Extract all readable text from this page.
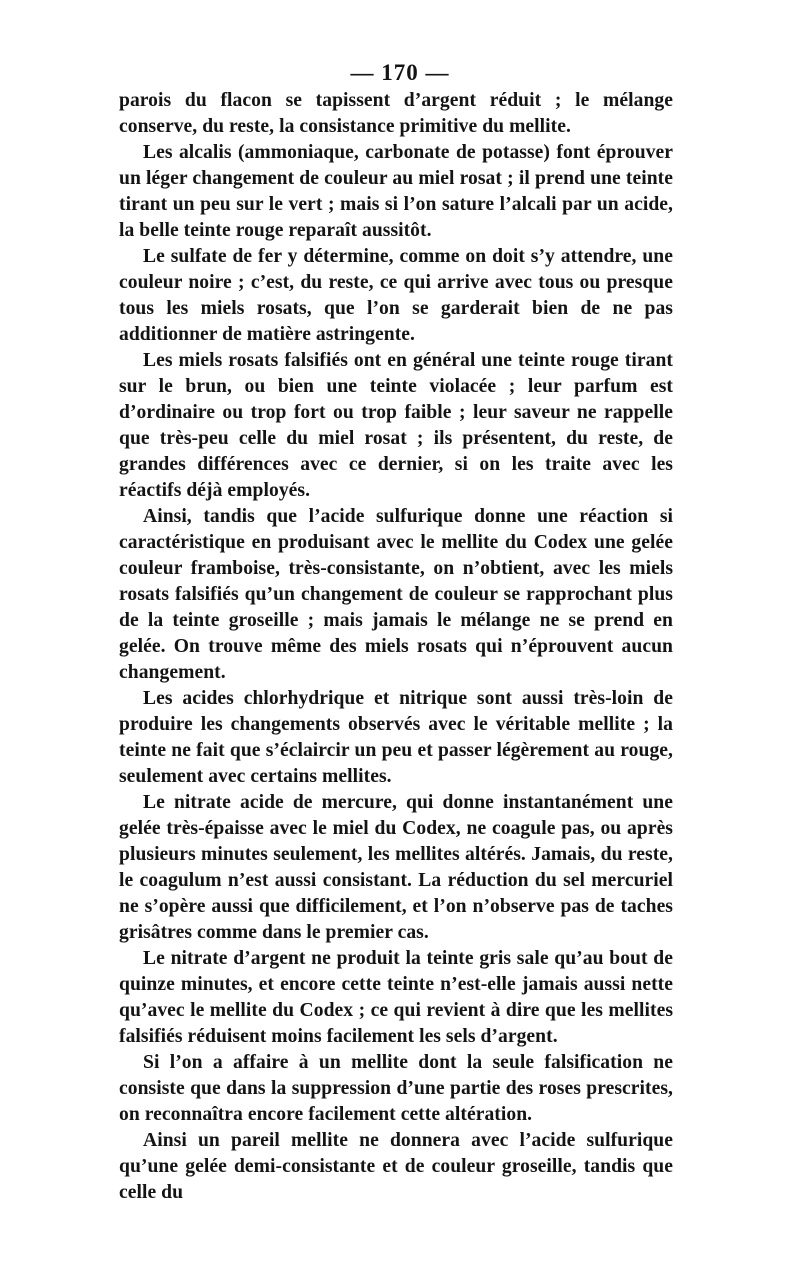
— 170 —

parois du flacon se tapissent d’argent réduit ; le mélange conserve, du reste, la consistance primitive du mellite.

Les alcalis (ammoniaque, carbonate de potasse) font éprouver un léger changement de couleur au miel rosat ; il prend une teinte tirant un peu sur le vert ; mais si l’on sature l’alcali par un acide, la belle teinte rouge reparaît aussitôt.

Le sulfate de fer y détermine, comme on doit s’y attendre, une couleur noire ; c’est, du reste, ce qui arrive avec tous ou presque tous les miels rosats, que l’on se garderait bien de ne pas additionner de matière astringente.

Les miels rosats falsifiés ont en général une teinte rouge tirant sur le brun, ou bien une teinte violacée ; leur parfum est d’ordinaire ou trop fort ou trop faible ; leur saveur ne rappelle que très-peu celle du miel rosat ; ils présentent, du reste, de grandes différences avec ce dernier, si on les traite avec les réactifs déjà employés.

Ainsi, tandis que l’acide sulfurique donne une réaction si caractéristique en produisant avec le mellite du Codex une gelée couleur framboise, très-consistante, on n’obtient, avec les miels rosats falsifiés qu’un changement de couleur se rapprochant plus de la teinte groseille ; mais jamais le mélange ne se prend en gelée. On trouve même des miels rosats qui n’éprouvent aucun changement.

Les acides chlorhydrique et nitrique sont aussi très-loin de produire les changements observés avec le véritable mellite ; la teinte ne fait que s’éclaircir un peu et passer légèrement au rouge, seulement avec certains mellites.

Le nitrate acide de mercure, qui donne instantanément une gelée très-épaisse avec le miel du Codex, ne coagule pas, ou après plusieurs minutes seulement, les mellites altérés. Jamais, du reste, le coagulum n’est aussi consistant. La réduction du sel mercuriel ne s’opère aussi que difficilement, et l’on n’observe pas de taches grisâtres comme dans le premier cas.

Le nitrate d’argent ne produit la teinte gris sale qu’au bout de quinze minutes, et encore cette teinte n’est-elle jamais aussi nette qu’avec le mellite du Codex ; ce qui revient à dire que les mellites falsifiés réduisent moins facilement les sels d’argent.

Si l’on a affaire à un mellite dont la seule falsification ne consiste que dans la suppression d’une partie des roses prescrites, on reconnaîtra encore facilement cette altération.

Ainsi un pareil mellite ne donnera avec l’acide sulfurique qu’une gelée demi-consistante et de couleur groseille, tandis que celle du
